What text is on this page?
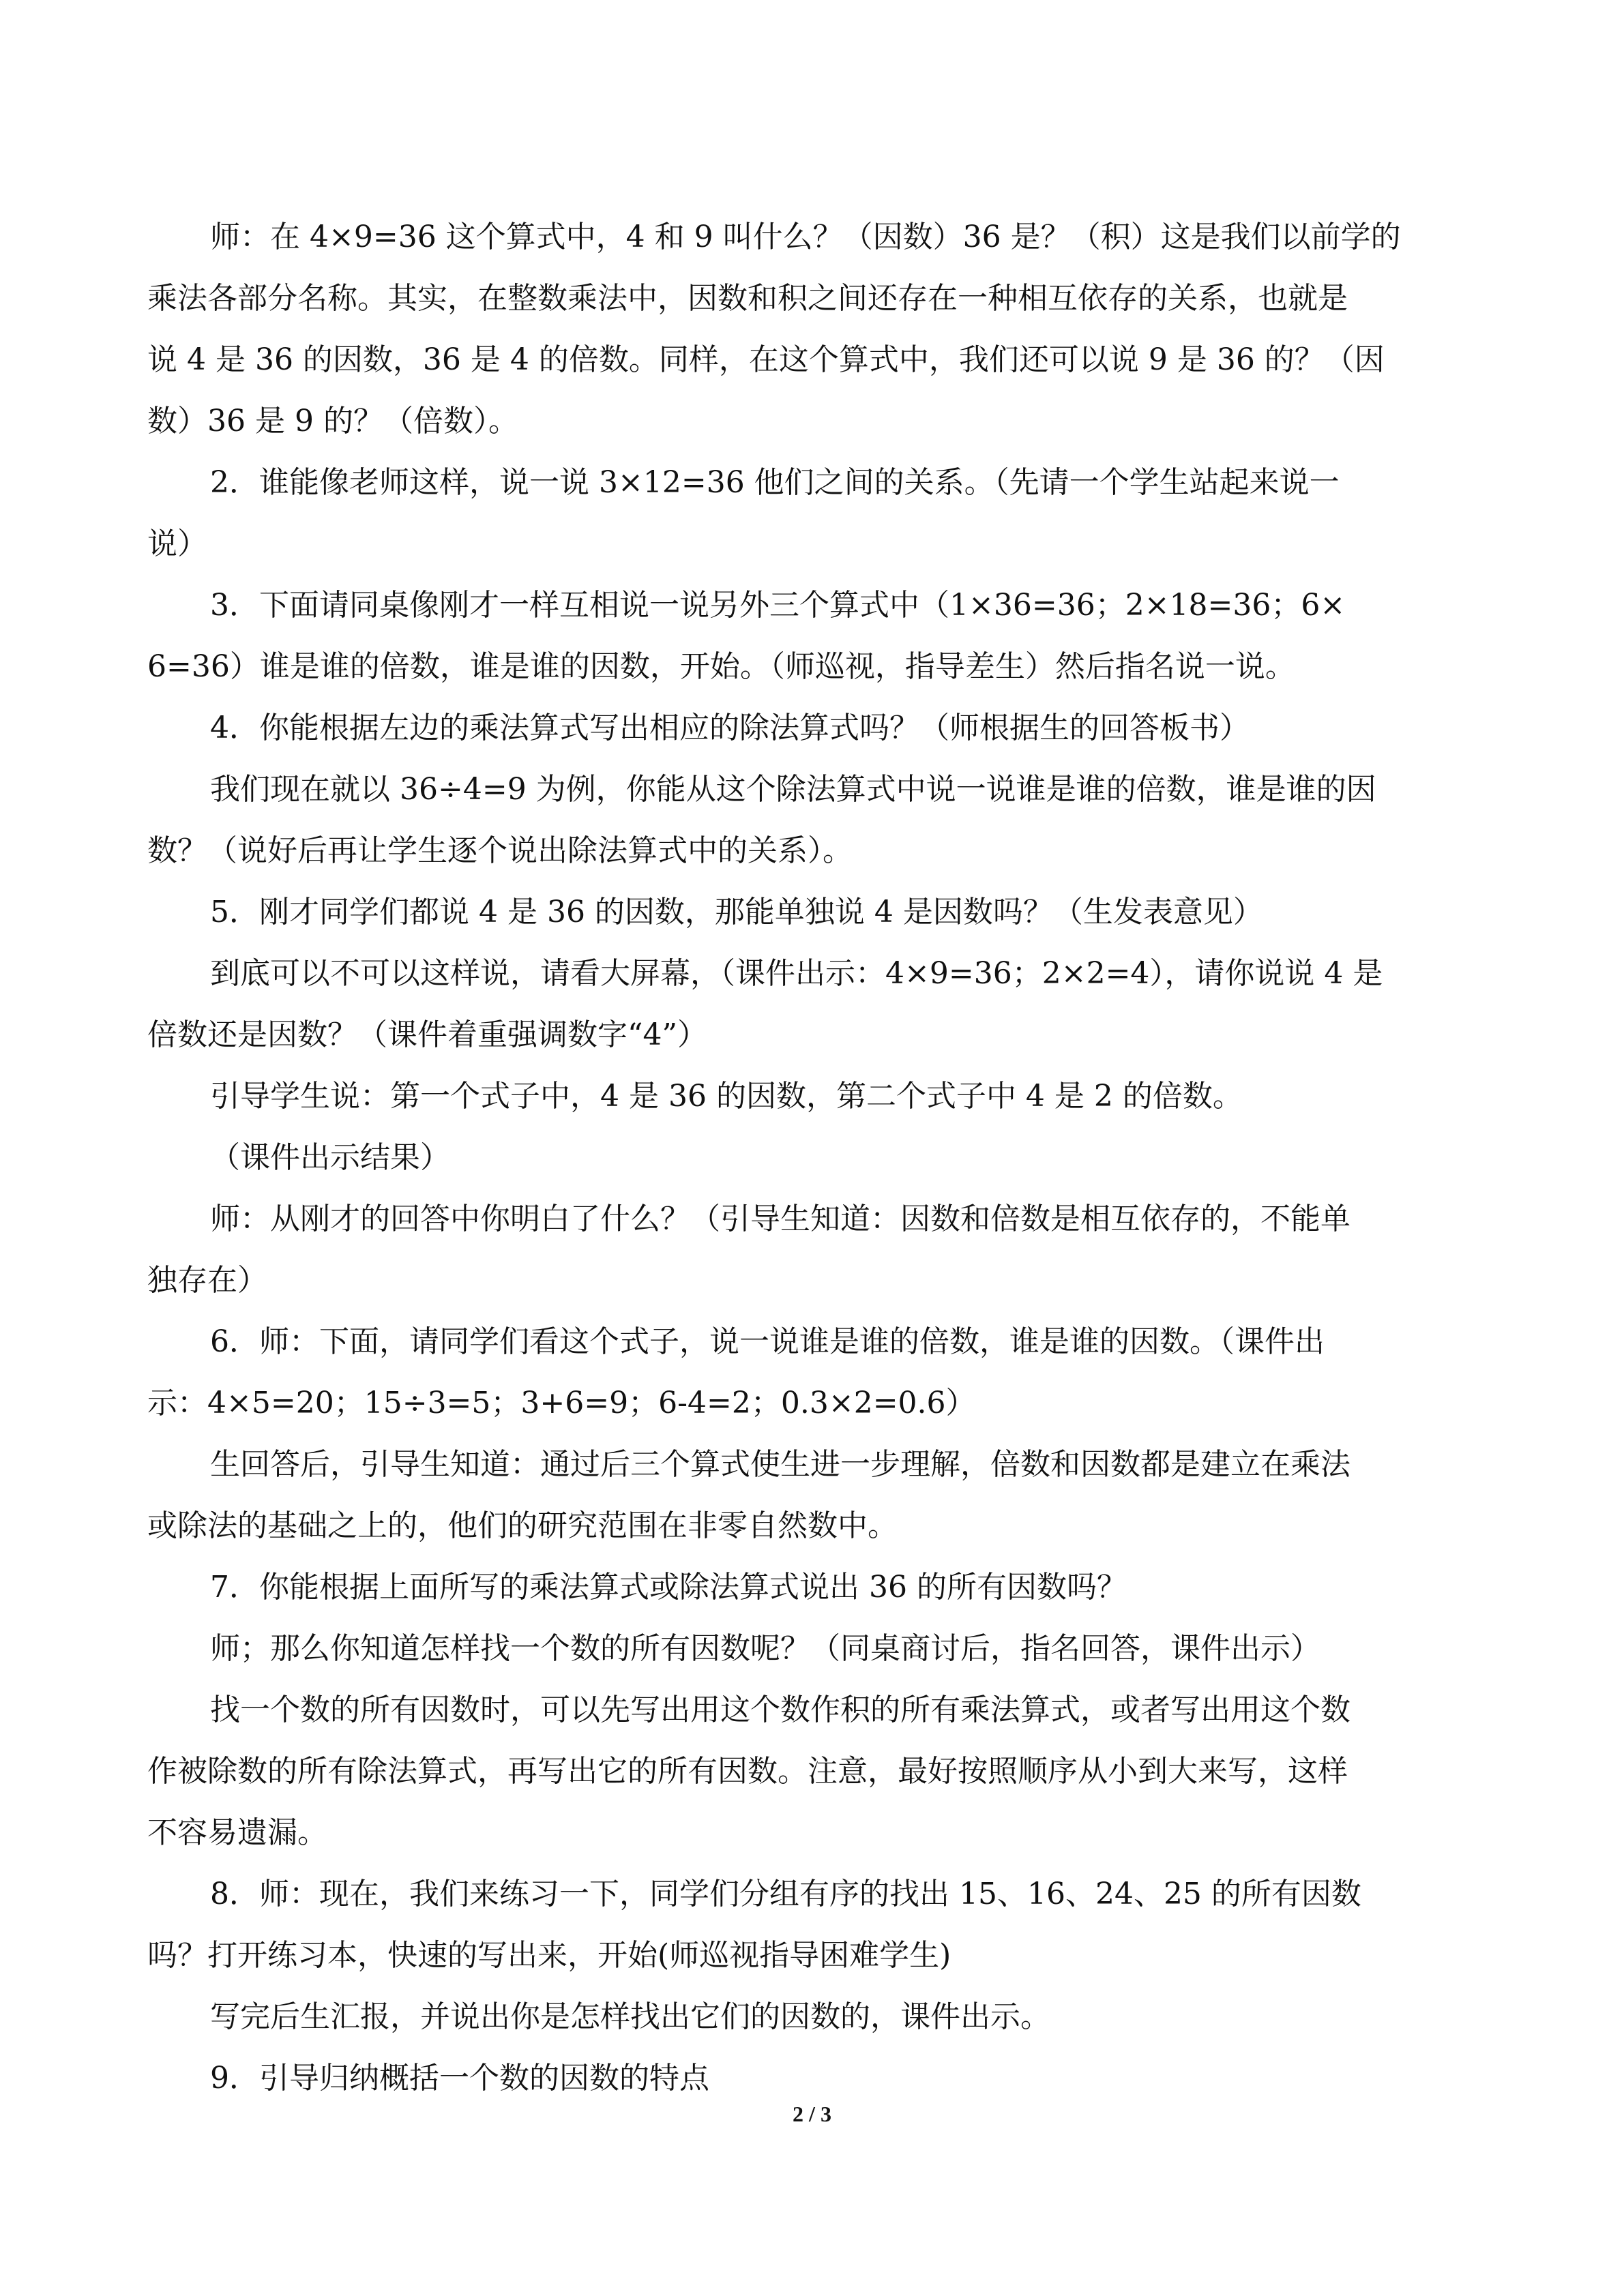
师：在 4×9=36 这个算式中，4 和 9 叫什么？（因数）36 是？（积）这是我们以前学的
乘法各部分名称。其实，在整数乘法中，因数和积之间还存在一种相互依存的关系，也就是
说 4 是 36 的因数，36 是 4 的倍数。同样，在这个算式中，我们还可以说 9 是 36 的？（因
数）36 是 9 的？（倍数）。
2．谁能像老师这样，说一说 3×12=36 他们之间的关系。（先请一个学生站起来说一
说）
3．下面请同桌像刚才一样互相说一说另外三个算式中（1×36=36；2×18=36；6×
6=36）谁是谁的倍数，谁是谁的因数，开始。（师巡视，指导差生）然后指名说一说。
4．你能根据左边的乘法算式写出相应的除法算式吗？（师根据生的回答板书）
我们现在就以 36÷4=9 为例，你能从这个除法算式中说一说谁是谁的倍数，谁是谁的因
数？（说好后再让学生逐个说出除法算式中的关系）。
5．刚才同学们都说 4 是 36 的因数，那能单独说 4 是因数吗？（生发表意见）
到底可以不可以这样说，请看大屏幕，（课件出示：4×9=36；2×2=4），请你说说 4 是
倍数还是因数？（课件着重强调数字“4”）
引导学生说：第一个式子中，4 是 36 的因数，第二个式子中 4 是 2 的倍数。
（课件出示结果）
师：从刚才的回答中你明白了什么？（引导生知道：因数和倍数是相互依存的，不能单
独存在）
6．师：下面，请同学们看这个式子，说一说谁是谁的倍数，谁是谁的因数。（课件出
示：4×5=20；15÷3=5；3+6=9；6-4=2；0.3×2=0.6）
生回答后，引导生知道：通过后三个算式使生进一步理解，倍数和因数都是建立在乘法
或除法的基础之上的，他们的研究范围在非零自然数中。
7．你能根据上面所写的乘法算式或除法算式说出 36 的所有因数吗？
师；那么你知道怎样找一个数的所有因数呢？（同桌商讨后，指名回答，课件出示）
找一个数的所有因数时，可以先写出用这个数作积的所有乘法算式，或者写出用这个数
作被除数的所有除法算式，再写出它的所有因数。注意，最好按照顺序从小到大来写，这样
不容易遗漏。
8．师：现在，我们来练习一下，同学们分组有序的找出 15、16、24、25 的所有因数
吗？打开练习本，快速的写出来，开始(师巡视指导困难学生)
写完后生汇报，并说出你是怎样找出它们的因数的，课件出示。
9．引导归纳概括一个数的因数的特点
2 / 3
